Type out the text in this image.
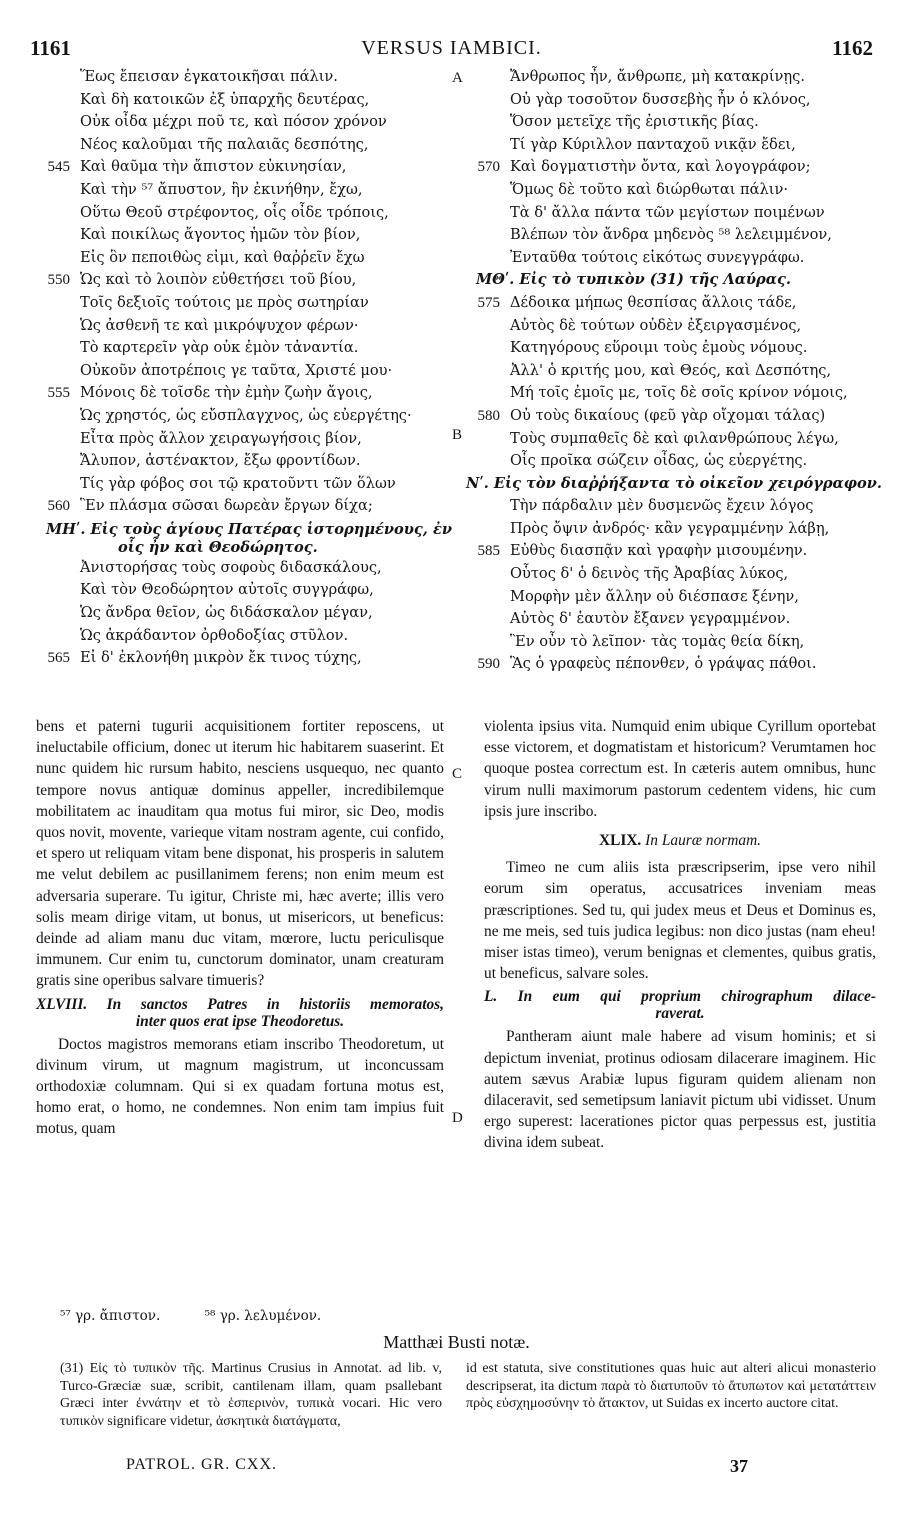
1161	VERSUS IAMBICI.	1162
A
B
C
D
Ἕως ἔπεισαν ἐγκατοικῆσαι πάλιν.
Καὶ δὴ κατοικῶν ἐξ ὑπαρχῆς δευτέρας,
Οὐκ οἶδα μέχρι ποῦ τε, καὶ πόσον χρόνον
Νέος καλοῦμαι τῆς παλαιᾶς δεσπότης,
545 Καὶ θαῦμα τὴν ἄπιστον εὐκινησίαν,
Καὶ τὴν ⁵⁷ ἄπυστον, ἣν ἐκινήθην, ἔχω,
Οὕτω Θεοῦ στρέφοντος, οἷς οἶδε τρόποις,
Καὶ ποικίλως ἄγοντος ἡμῶν τὸν βίον,
Εἰς ὃν πεποιθὼς εἰμι, καὶ θαῤῥεῖν ἔχω
550 Ὡς καὶ τὸ λοιπὸν εὐθετήσει τοῦ βίου,
Τοῖς δεξιοῖς τούτοις με πρὸς σωτηρίαν
Ὡς ἀσθενῆ τε καὶ μικρόψυχον φέρων·
Τὸ καρτερεῖν γὰρ οὐκ ἐμὸν τἀναντία.
Οὐκοῦν ἀποτρέποις γε ταῦτα, Χριστέ μου·
555 Μόνοις δὲ τοῖσδε τὴν ἐμὴν ζωὴν ἄγοις,
Ὡς χρηστός, ὡς εὔσπλαγχνος, ὡς εὐεργέτης·
Εἶτα πρὸς ἄλλον χειραγωγήσοις βίον,
Ἄλυπον, ἀστένακτον, ἔξω φροντίδων.
Τίς γὰρ φόβος σοι τῷ κρατοῦντι τῶν ὅλων
560 Ἓν πλάσμα σῶσαι δωρεὰν ἔργων δίχα;
ΜΗʹ. Εἰς τοὺς ἁγίους Πατέρας ἱστορημένους, ἐν
οἷς ἦν καὶ Θεοδώρητος.
Ἀνιστορήσας τοὺς σοφοὺς διδασκάλους,
Καὶ τὸν Θεοδώρητον αὐτοῖς συγγράφω,
Ὡς ἄνδρα θεῖον, ὡς διδάσκαλον μέγαν,
Ὡς ἀκράδαντον ὀρθοδοξίας στῦλον.
565 Εἰ δ' ἐκλονήθη μικρὸν ἔκ τινος τύχης,
Ἄνθρωπος ἦν, ἄνθρωπε, μὴ κατακρίνῃς.
Οὐ γὰρ τοσοῦτον δυσσεβὴς ἦν ὁ κλόνος,
Ὅσον μετεῖχε τῆς ἐριστικῆς βίας.
Τί γὰρ Κύριλλον πανταχοῦ νικᾷν ἔδει,
570 Καὶ δογματιστὴν ὄντα, καὶ λογογράφον;
Ὅμως δὲ τοῦτο καὶ διώρθωται πάλιν·
Τὰ δ' ἄλλα πάντα τῶν μεγίστων ποιμένων
Βλέπων τὸν ἄνδρα μηδενὸς ⁵⁸ λελειμμένον,
Ἐνταῦθα τούτοις εἰκότως συνεγγράφω.
ΜΘʹ. Εἰς τὸ τυπικὸν (31) τῆς Λαύρας.
575 Δέδοικα μήπως θεσπίσας ἄλλοις τάδε,
Αὐτὸς δὲ τούτων οὐδὲν ἐξειργασμένος,
Κατηγόρους εὕροιμι τοὺς ἐμοὺς νόμους.
Ἀλλ' ὁ κριτής μου, καὶ Θεός, καὶ Δεσπότης,
Μή τοῖς ἐμοῖς με, τοῖς δὲ σοῖς κρίνον νόμοις,
580 Οὐ τοὺς δικαίους (φεῦ γὰρ οἴχομαι τάλας)
Τοὺς συμπαθεῖς δὲ καὶ φιλανθρώπους λέγω,
Οἷς προῖκα σώζειν οἶδας, ὡς εὐεργέτης.
Νʹ. Εἰς τὸν διαῤῥήξαντα τὸ οἰκεῖον χειρόγραφον.
Τὴν πάρδαλιν μὲν δυσμενῶς ἔχειν λόγος
Πρὸς ὄψιν ἀνδρός· κἂν γεγραμμένην λάβῃ,
585 Εὐθὺς διασπᾷν καὶ γραφὴν μισουμένην.
Οὗτος δ' ὁ δεινὸς τῆς Ἀραβίας λύκος,
Μορφὴν μὲν ἄλλην οὐ διέσπασε ξένην,
Αὐτὸς δ' ἑαυτὸν ἔξανεν γεγραμμένον.
Ἓν οὖν τὸ λεῖπον· τὰς τομὰς θεία δίκη,
590 Ἃς ὁ γραφεὺς πέπονθεν, ὁ γράψας πάθοι.

bens et paterni tugurii acquisitionem fortiter reposcens, ut ineluctabile officium, donec ut iterum hic habitarem suaserint. Et nunc quidem hic rursum habito, nesciens usquequo, nec quanto tempore novus antiquæ dominus appeller, incredibilemque mobilitatem ac inauditam qua motus fui miror, sic Deo, modis quos novit, movente, varieque vitam nostram agente, cui confido, et spero ut reliquam vitam bene disponat, his prosperis in salutem me velut debilem ac pusillanimem ferens; non enim meum est adversaria superare. Tu igitur, Christe mi, hæc averte; illis vero solis meam dirige vitam, ut bonus, ut misericors, ut beneficus: deinde ad aliam manu duc vitam, mœrore, luctu periculisque immunem. Cur enim tu, cunctorum dominator, unam creaturam gratis sine operibus salvare timueris?

XLVIII. In sanctos Patres in historiis memoratos,
inter quos erat ipse Theodoretus.

Doctos magistros memorans etiam inscribo Theodoretum, ut divinum virum, ut magnum magistrum, ut inconcussam orthodoxiæ columnam. Qui si ex quadam fortuna motus est, homo erat, o homo, ne condemnes. Non enim tam impius fuit motus, quam

violenta ipsius vita. Numquid enim ubique Cyrillum oportebat esse victorem, et dogmatistam et historicum? Verumtamen hoc quoque postea correctum est. In cæteris autem omnibus, hunc virum nulli maximorum pastorum cedentem videns, hic cum ipsis jure inscribo.

XLIX. In Lauræ normam.

Timeo ne cum aliis ista præscripserim, ipse vero nihil eorum sim operatus, accusatrices inveniam meas præscriptiones. Sed tu, qui judex meus et Deus et Dominus es, ne me meis, sed tuis judica legibus: non dico justas (nam eheu! miser istas timeo), verum benignas et clementes, quibus gratis, ut beneficus, salvare soles.

L. In eum qui proprium chirographum dilace-
raverat.

Pantheram aiunt male habere ad visum hominis; et si depictum inveniat, protinus odiosam dilacerare imaginem. Hic autem sævus Arabiæ lupus figuram quidem alienam non dilaceravit, sed semetipsum laniavit pictum ubi vidisset. Unum ergo superest: lacerationes pictor quas perpessus est, justitia divina idem subeat.

⁵⁷ γρ. ἄπιστον.	⁵⁸ γρ. λελυμένον.
Matthæi Busti notæ.
(31) Εἰς τὸ τυπικὸν τῆς. Martinus Crusius in Annotat. ad lib. v, Turco-Græciæ suæ, scribit, cantilenam illam, quam psallebant Græci inter ἐννάτην et τὸ ἑσπερινὸν, τυπικὰ vocari. Hic vero τυπικὸν significare videtur, ἀσκητικὰ διατάγματα,
id est statuta, sive constitutiones quas huic aut alteri alicui monasterio descripserat, ita dictum παρὰ τὸ διατυποῦν τὸ ἄτυπωτον καὶ μετατάττειν πρὸς εὐσχημοσύνην τὸ ἄτακτον, ut Suidas ex incerto auctore citat.
PATROL. GR. CXX.	37
